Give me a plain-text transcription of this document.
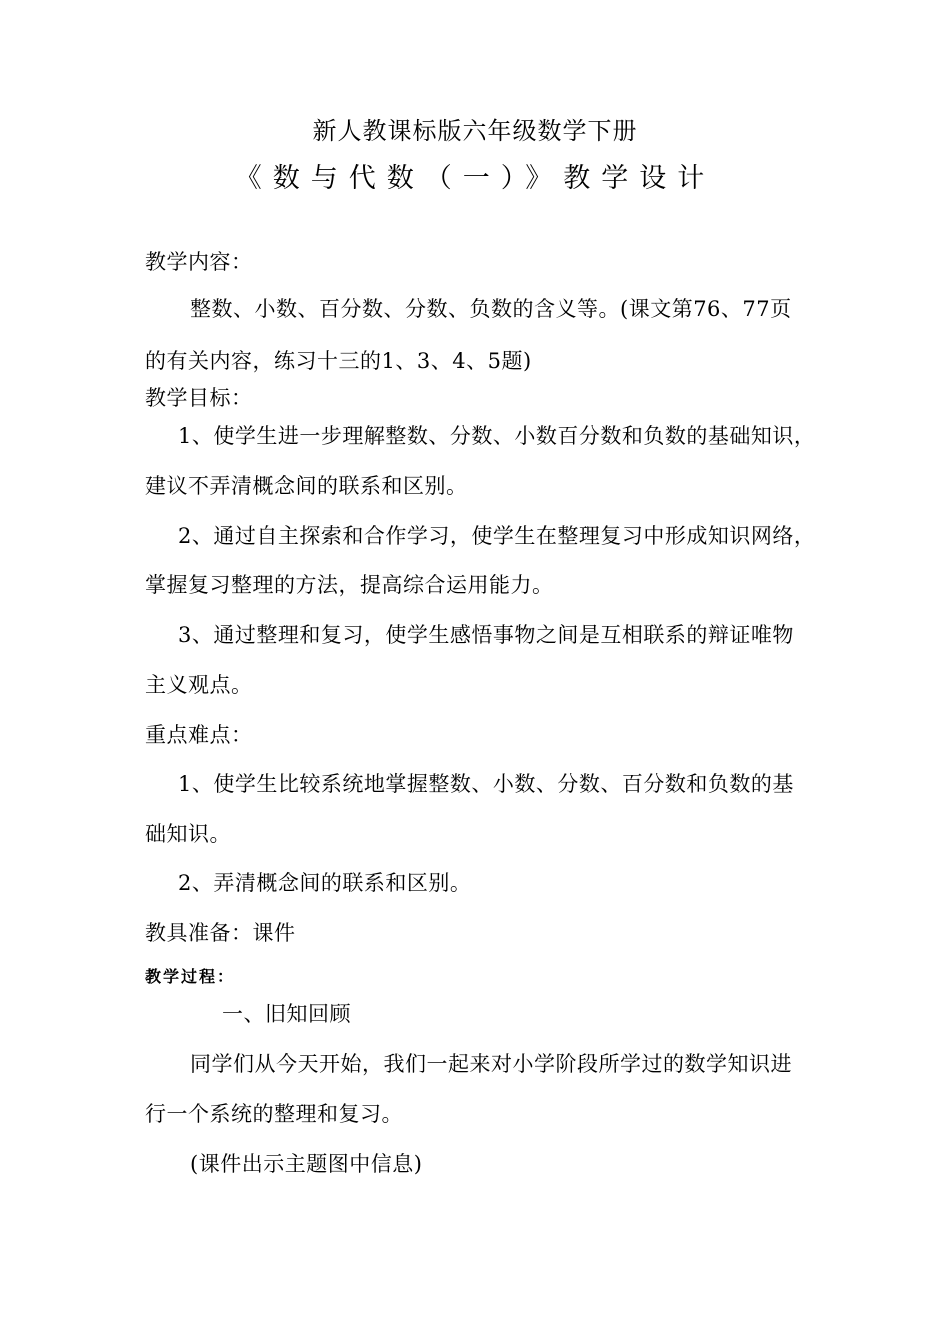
新人教课标版六年级数学下册
《数与代数（一）》教学设计
教学内容：
整数、小数、百分数、分数、负数的含义等。(课文第76、77页
的有关内容，练习十三的1、3、4、5题)
教学目标：
1、使学生进一步理解整数、分数、小数百分数和负数的基础知识，
建议不弄清概念间的联系和区别。
2、通过自主探索和合作学习，使学生在整理复习中形成知识网络，
掌握复习整理的方法，提高综合运用能力。
3、通过整理和复习，使学生感悟事物之间是互相联系的辩证唯物
主义观点。
重点难点：
1、使学生比较系统地掌握整数、小数、分数、百分数和负数的基
础知识。
2、弄清概念间的联系和区别。
教具准备：课件
教学过程：
一、旧知回顾
同学们从今天开始，我们一起来对小学阶段所学过的数学知识进
行一个系统的整理和复习。
(课件出示主题图中信息)
